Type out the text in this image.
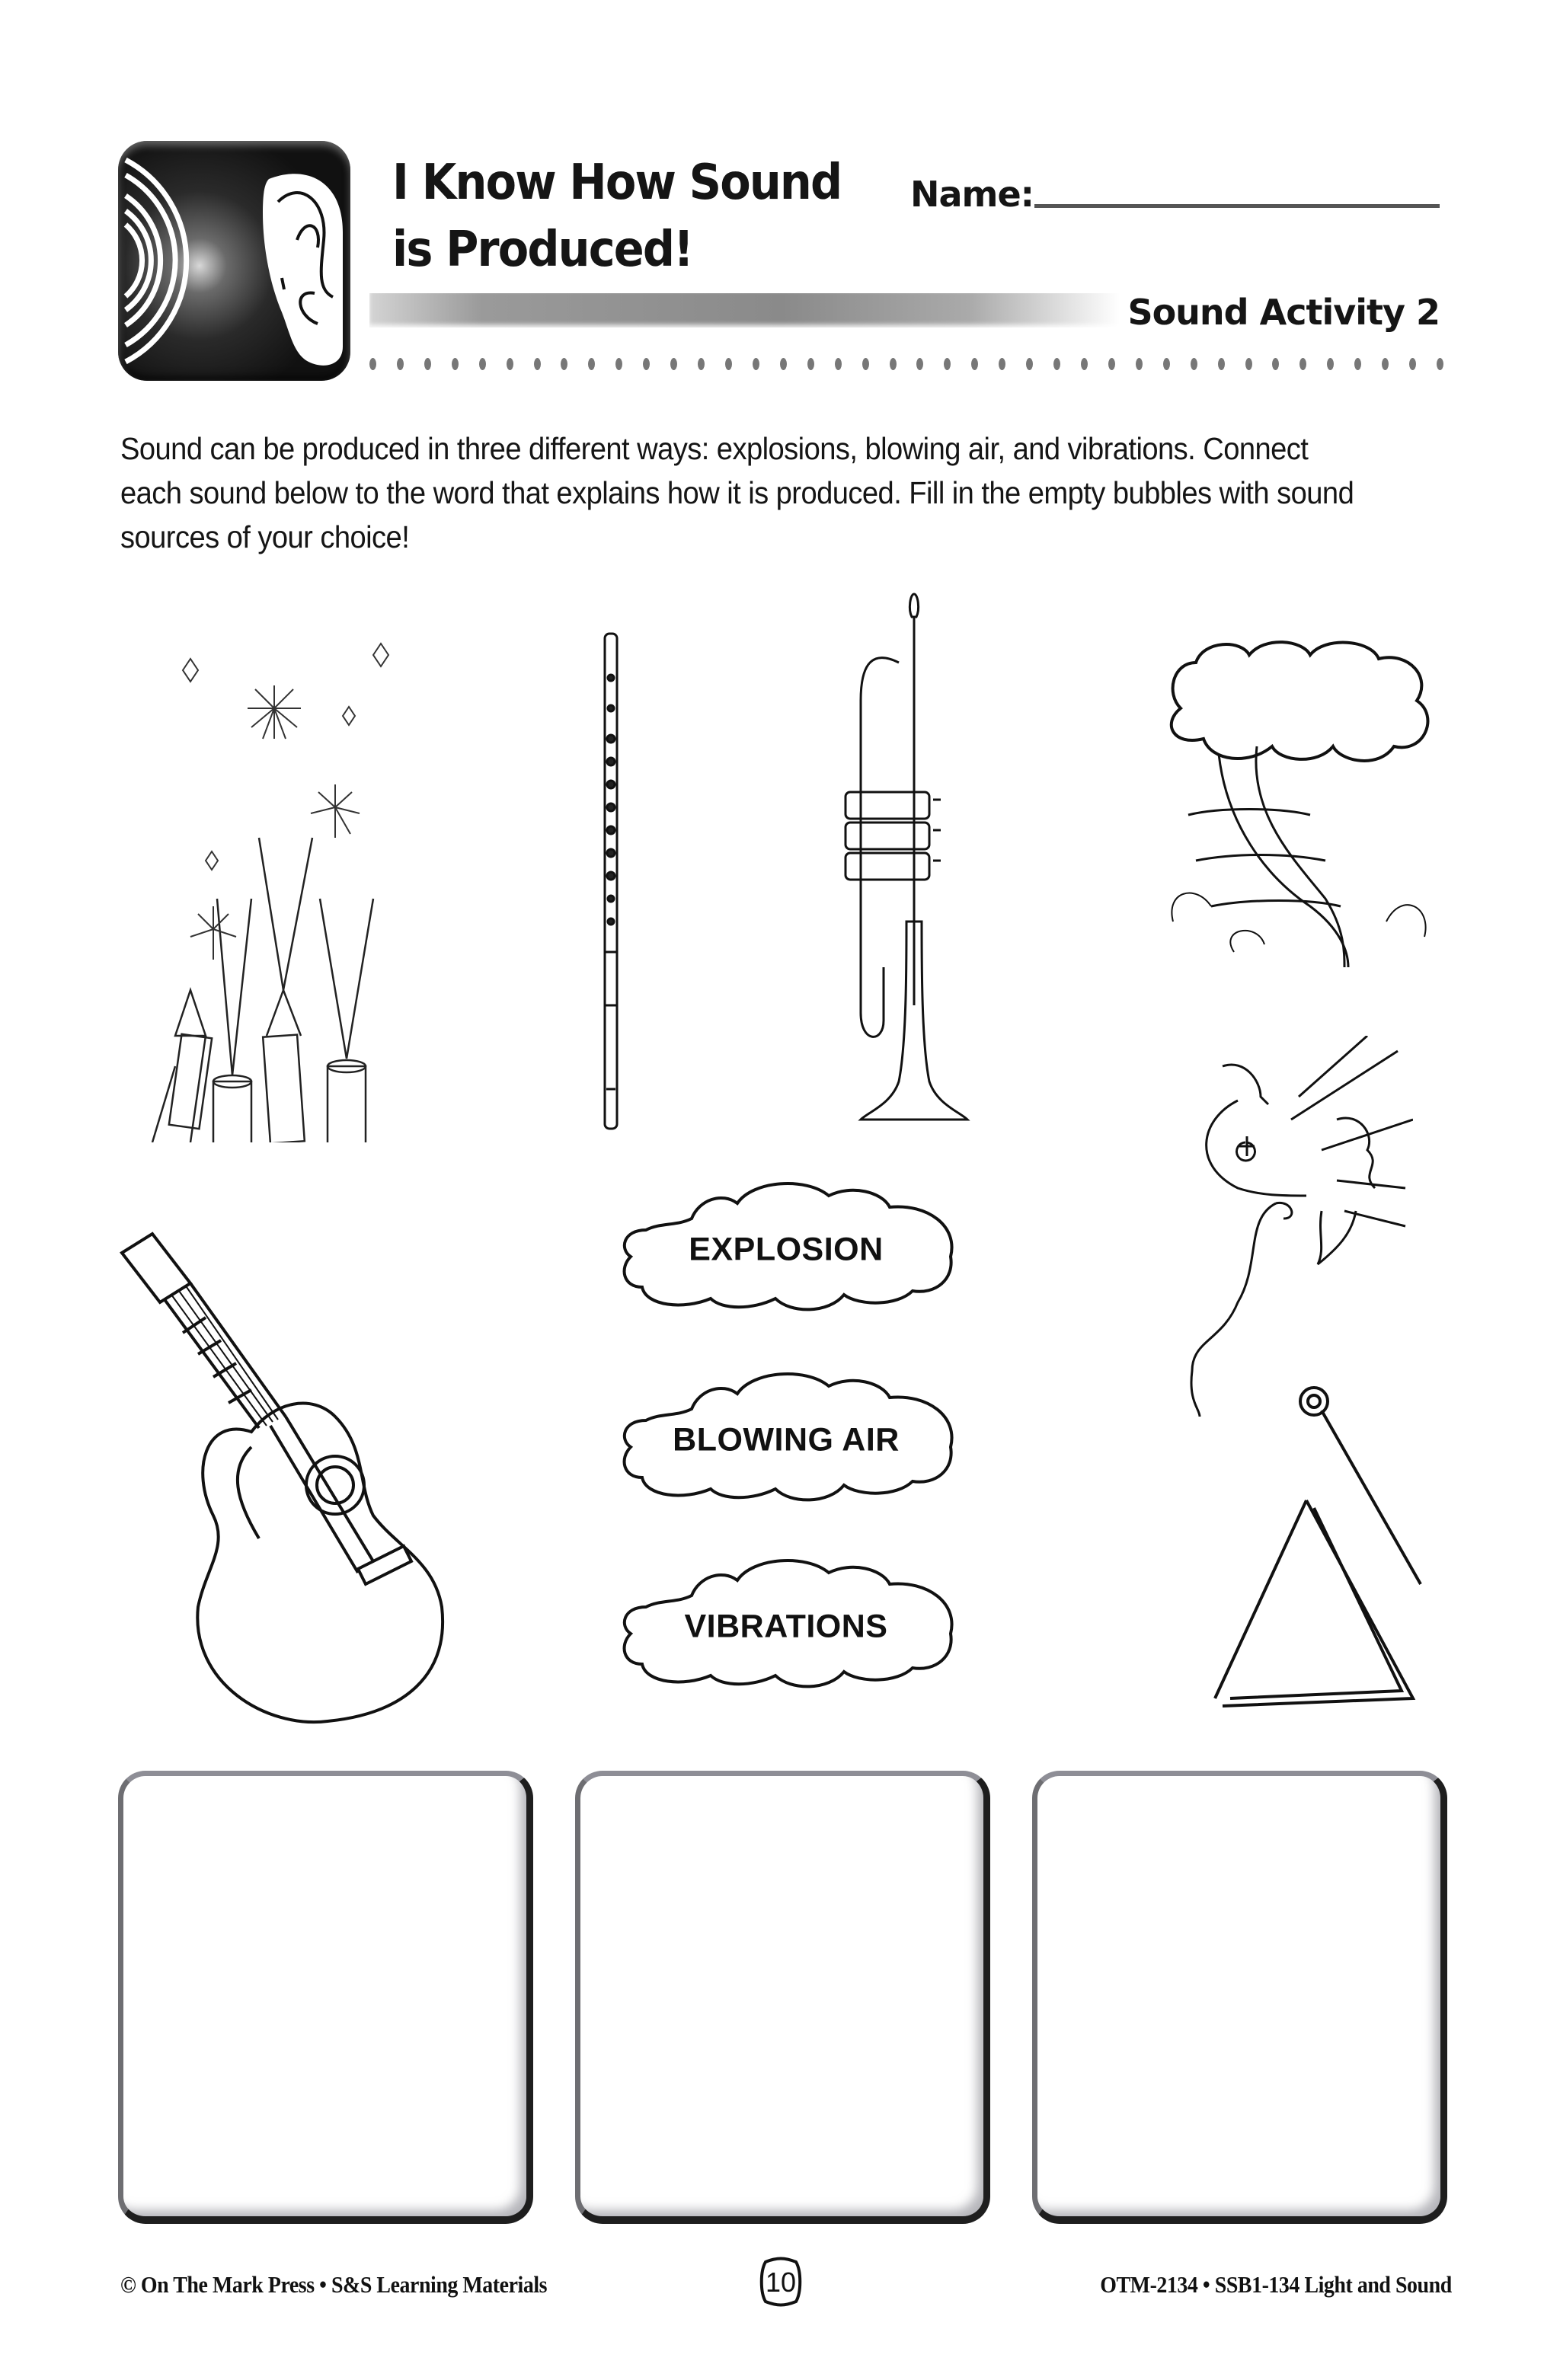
I Know How Sound
is Produced!
Name:
Sound Activity 2
Sound can be produced in three different ways: explosions, blowing air, and vibrations. Connect each sound below to the word that explains how it is produced. Fill in the empty bubbles with sound sources of your choice!
EXPLOSION
BLOWING AIR
VIBRATIONS
© On The Mark Press • S&S Learning Materials	10	OTM-2134 • SSB1-134 Light and Sound
